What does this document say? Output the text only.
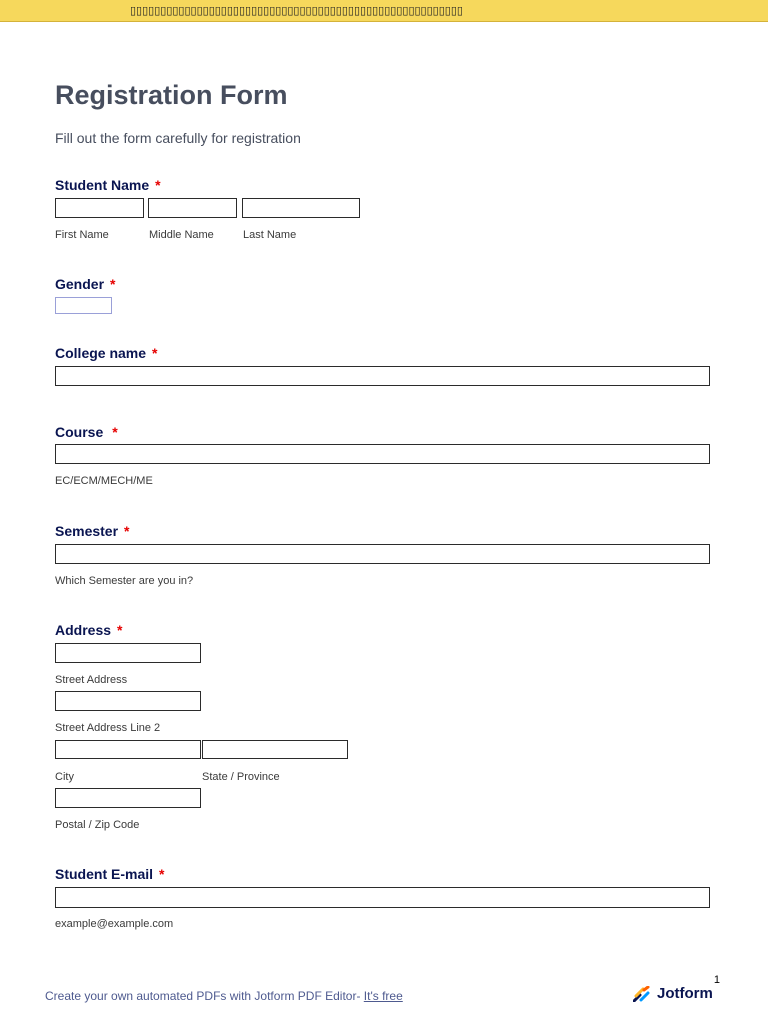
▯▯▯▯▯▯▯▯▯▯▯▯▯▯▯▯▯▯▯▯▯▯▯▯▯▯▯▯▯▯▯▯▯▯▯▯▯▯▯▯▯▯▯▯▯▯▯▯▯▯▯▯▯▯▯
Registration Form
Fill out the form carefully for registration
Student Name *
First Name	Middle Name	Last Name
Gender *
College name *
Course *
EC/ECM/MECH/ME
Semester *
Which Semester are you in?
Address *
Street Address
Street Address Line 2
City	State / Province
Postal / Zip Code
Student E-mail *
example@example.com
1
Create your own automated PDFs with Jotform PDF Editor- It's free	Jotform
